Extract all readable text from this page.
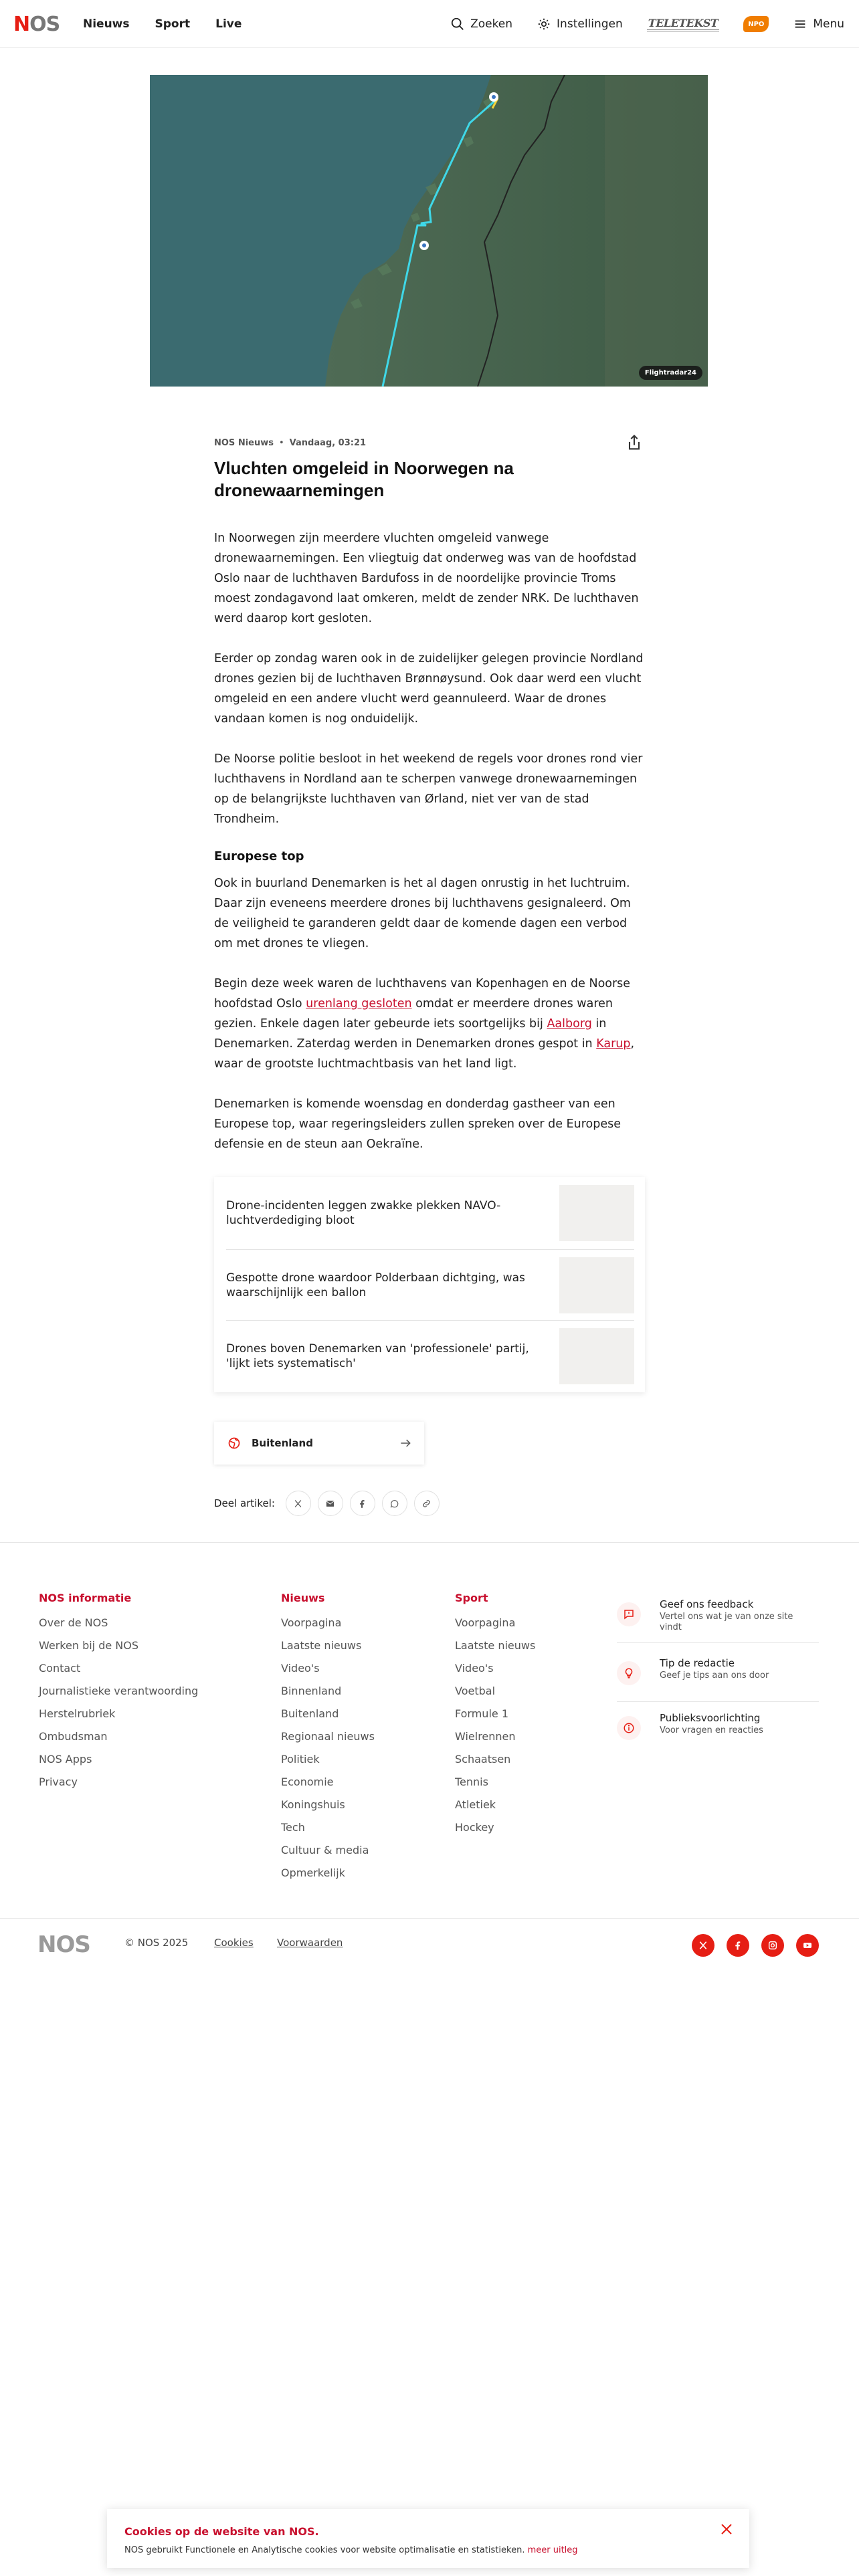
N OS Nieuws Sport Live	Zoeken	Instellingen TELETEKST	NPO	Menu
Flightradar24
NOS Nieuws • Vandaag, 03:21
Vluchten omgeleid in Noorwegen na dronewaarnemingen

In Noorwegen zijn meerdere vluchten omgeleid vanwege dronewaarnemingen. Een vliegtuig dat onderweg was van de hoofdstad Oslo naar de luchthaven Bardufoss in de noordelijke provincie Troms moest zondagavond laat omkeren, meldt de zender NRK. De luchthaven werd daarop kort gesloten.

Eerder op zondag waren ook in de zuidelijker gelegen provincie Nordland drones gezien bij de luchthaven Brønnøysund. Ook daar werd een vlucht omgeleid en een andere vlucht werd geannuleerd. Waar de drones vandaan komen is nog onduidelijk.

De Noorse politie besloot in het weekend de regels voor drones rond vier luchthavens in Nordland aan te scherpen vanwege dronewaarnemingen op de belangrijkste luchthaven van Ørland, niet ver van de stad Trondheim.

Europese top

Ook in buurland Denemarken is het al dagen onrustig in het luchtruim. Daar zijn eveneens meerdere drones bij luchthavens gesignaleerd. Om de veiligheid te garanderen geldt daar de komende dagen een verbod om met drones te vliegen.

Begin deze week waren de luchthavens van Kopenhagen en de Noorse hoofdstad Oslo urenlang gesloten omdat er meerdere drones waren gezien. Enkele dagen later gebeurde iets soortgelijks bij Aalborg in Denemarken. Zaterdag werden in Denemarken drones gespot in Karup, waar de grootste luchtmachtbasis van het land ligt.

Denemarken is komende woensdag en donderdag gastheer van een Europese top, waar regeringsleiders zullen spreken over de Europese defensie en de steun aan Oekraïne.

Drone-incidenten leggen zwakke plekken NAVO-luchtverdediging bloot
Gespotte drone waardoor Polderbaan dichtging, was waarschijnlijk een ballon
Drones boven Denemarken van 'professionele' partij, 'lijkt iets systematisch'
Buitenland
Deel artikel:
NOS informatie
Over de NOS
Werken bij de NOS
Contact
Journalistieke verantwoording
Herstelrubriek
Ombudsman
NOS Apps
Privacy
Nieuws
Voorpagina
Laatste nieuws
Video's
Binnenland
Buitenland
Regionaal nieuws
Politiek
Economie
Koningshuis
Tech
Cultuur & media
Opmerkelijk
Sport
Voorpagina
Laatste nieuws
Video's
Voetbal
Formule 1
Wielrennen
Schaatsen
Tennis
Atletiek
Hockey
Geef ons feedback
Vertel ons wat je van onze site vindt
Tip de redactie
Geef je tips aan ons door
Publieksvoorlichting
Voor vragen en reacties
NOS	© NOS 2025	Cookies Voorwaarden
Cookies op de website van NOS.
NOS gebruikt Functionele en Analytische cookies voor website optimalisatie en statistieken. meer uitleg
